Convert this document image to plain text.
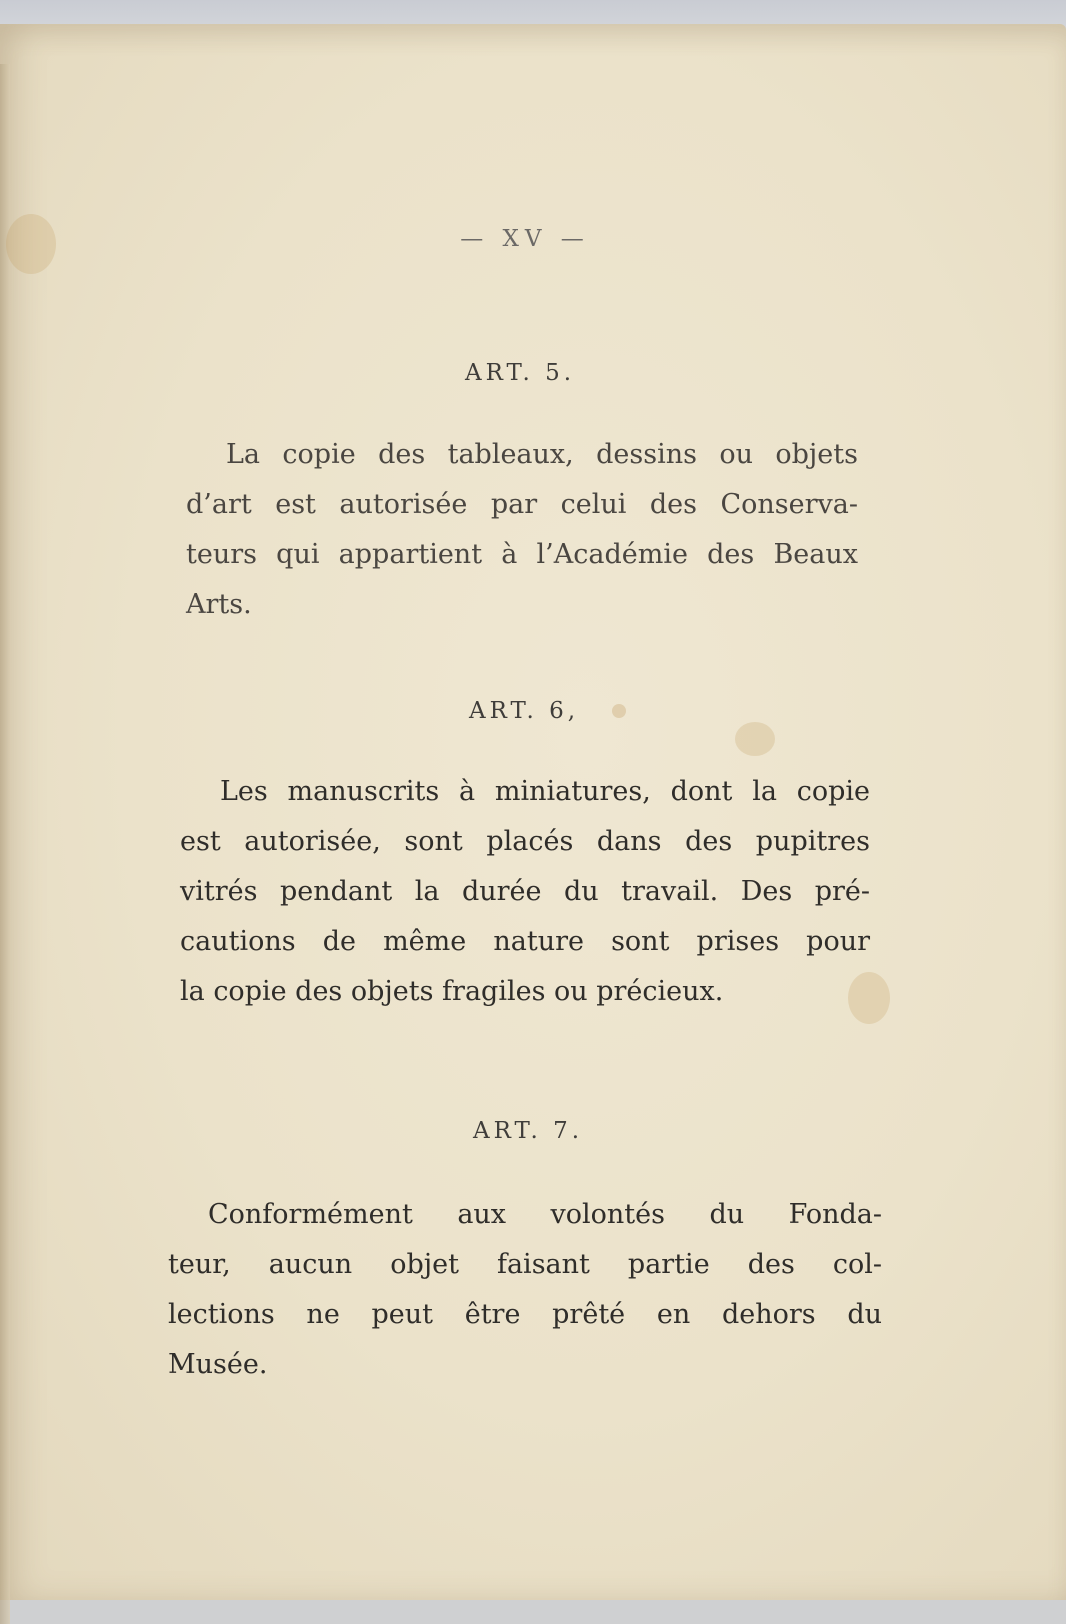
— XV —
ART. 5.

La copie des tableaux, dessins ou objets
d’art est autorisée par celui des Conserva-
teurs qui appartient à l’Académie des Beaux
Arts.

ART. 6,

Les manuscrits à miniatures, dont la copie
est autorisée, sont placés dans des pupitres
vitrés pendant la durée du travail. Des pré-
cautions de même nature sont prises pour
la copie des objets fragiles ou précieux.

ART. 7.

Conformément aux volontés du Fonda-
teur, aucun objet faisant partie des col-
lections ne peut être prêté en dehors du
Musée.
